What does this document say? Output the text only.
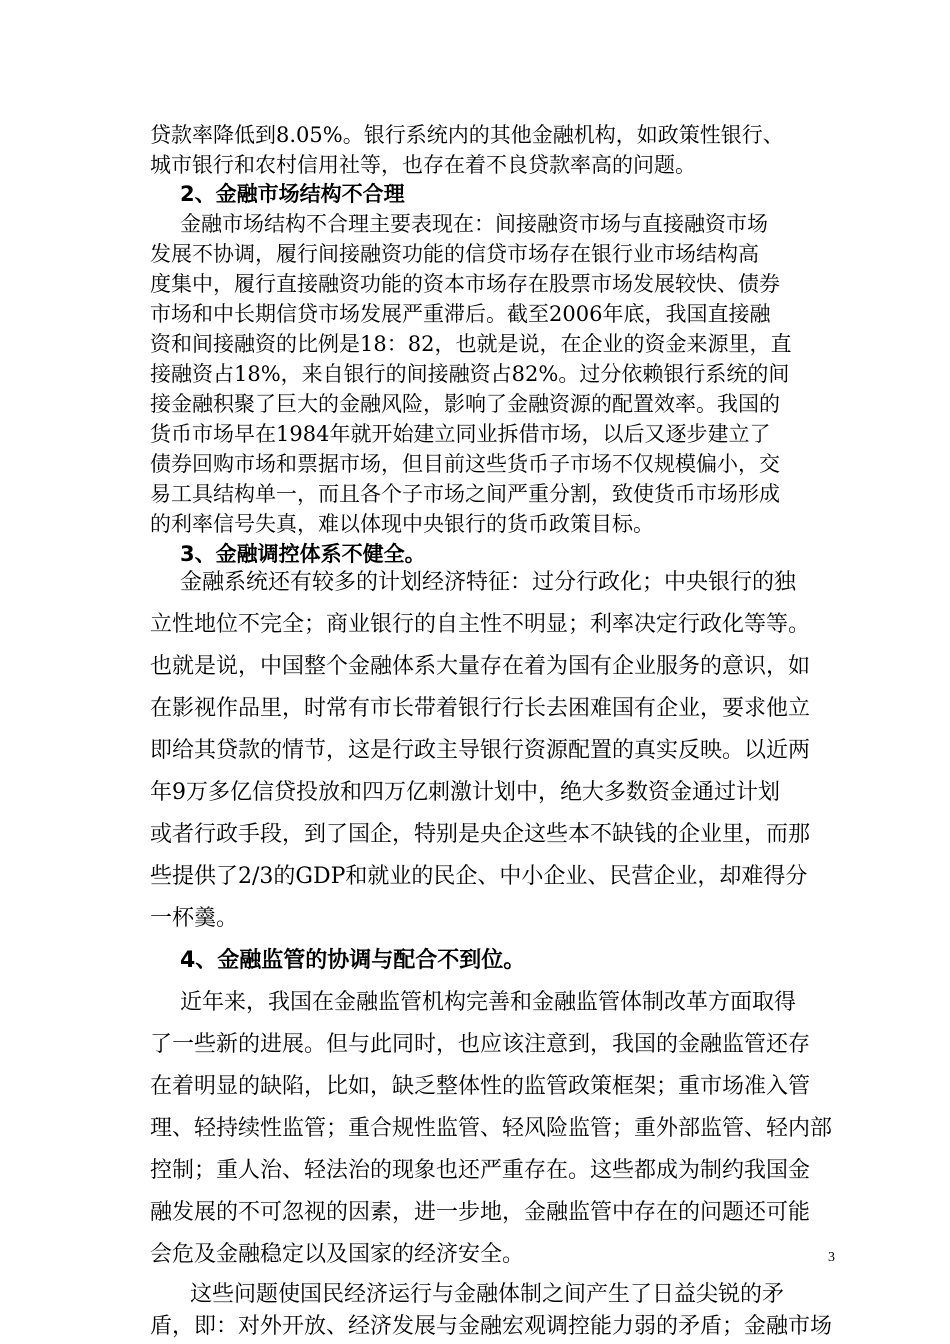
贷款率降低到8.05%。银行系统内的其他金融机构，如政策性银行、
城市银行和农村信用社等，也存在着不良贷款率高的问题。
2、金融市场结构不合理
金融市场结构不合理主要表现在：间接融资市场与直接融资市场
发展不协调，履行间接融资功能的信贷市场存在银行业市场结构高
度集中，履行直接融资功能的资本市场存在股票市场发展较快、债券
市场和中长期信贷市场发展严重滞后。截至2006年底，我国直接融
资和间接融资的比例是18：82，也就是说，在企业的资金来源里，直
接融资占18%，来自银行的间接融资占82%。过分依赖银行系统的间
接金融积聚了巨大的金融风险，影响了金融资源的配置效率。我国的
货币市场早在1984年就开始建立同业拆借市场，以后又逐步建立了
债券回购市场和票据市场，但目前这些货币子市场不仅规模偏小，交
易工具结构单一，而且各个子市场之间严重分割，致使货币市场形成
的利率信号失真，难以体现中央银行的货币政策目标。
3、金融调控体系不健全。
金融系统还有较多的计划经济特征：过分行政化；中央银行的独
立性地位不完全；商业银行的自主性不明显；利率决定行政化等等。
也就是说，中国整个金融体系大量存在着为国有企业服务的意识，如
在影视作品里，时常有市长带着银行行长去困难国有企业，要求他立
即给其贷款的情节，这是行政主导银行资源配置的真实反映。以近两
年9万多亿信贷投放和四万亿刺激计划中，绝大多数资金通过计划
或者行政手段，到了国企，特别是央企这些本不缺钱的企业里，而那
些提供了2/3的GDP和就业的民企、中小企业、民营企业，却难得分
一杯羹。
4、金融监管的协调与配合不到位。
近年来，我国在金融监管机构完善和金融监管体制改革方面取得
了一些新的进展。但与此同时，也应该注意到，我国的金融监管还存
在着明显的缺陷，比如，缺乏整体性的监管政策框架；重市场准入管
理、轻持续性监管；重合规性监管、轻风险监管；重外部监管、轻内部
控制；重人治、轻法治的现象也还严重存在。这些都成为制约我国金
融发展的不可忽视的因素，进一步地，金融监管中存在的问题还可能
会危及金融稳定以及国家的经济安全。
这些问题使国民经济运行与金融体制之间产生了日益尖锐的矛
盾，即：对外开放、经济发展与金融宏观调控能力弱的矛盾；金融市场
3
